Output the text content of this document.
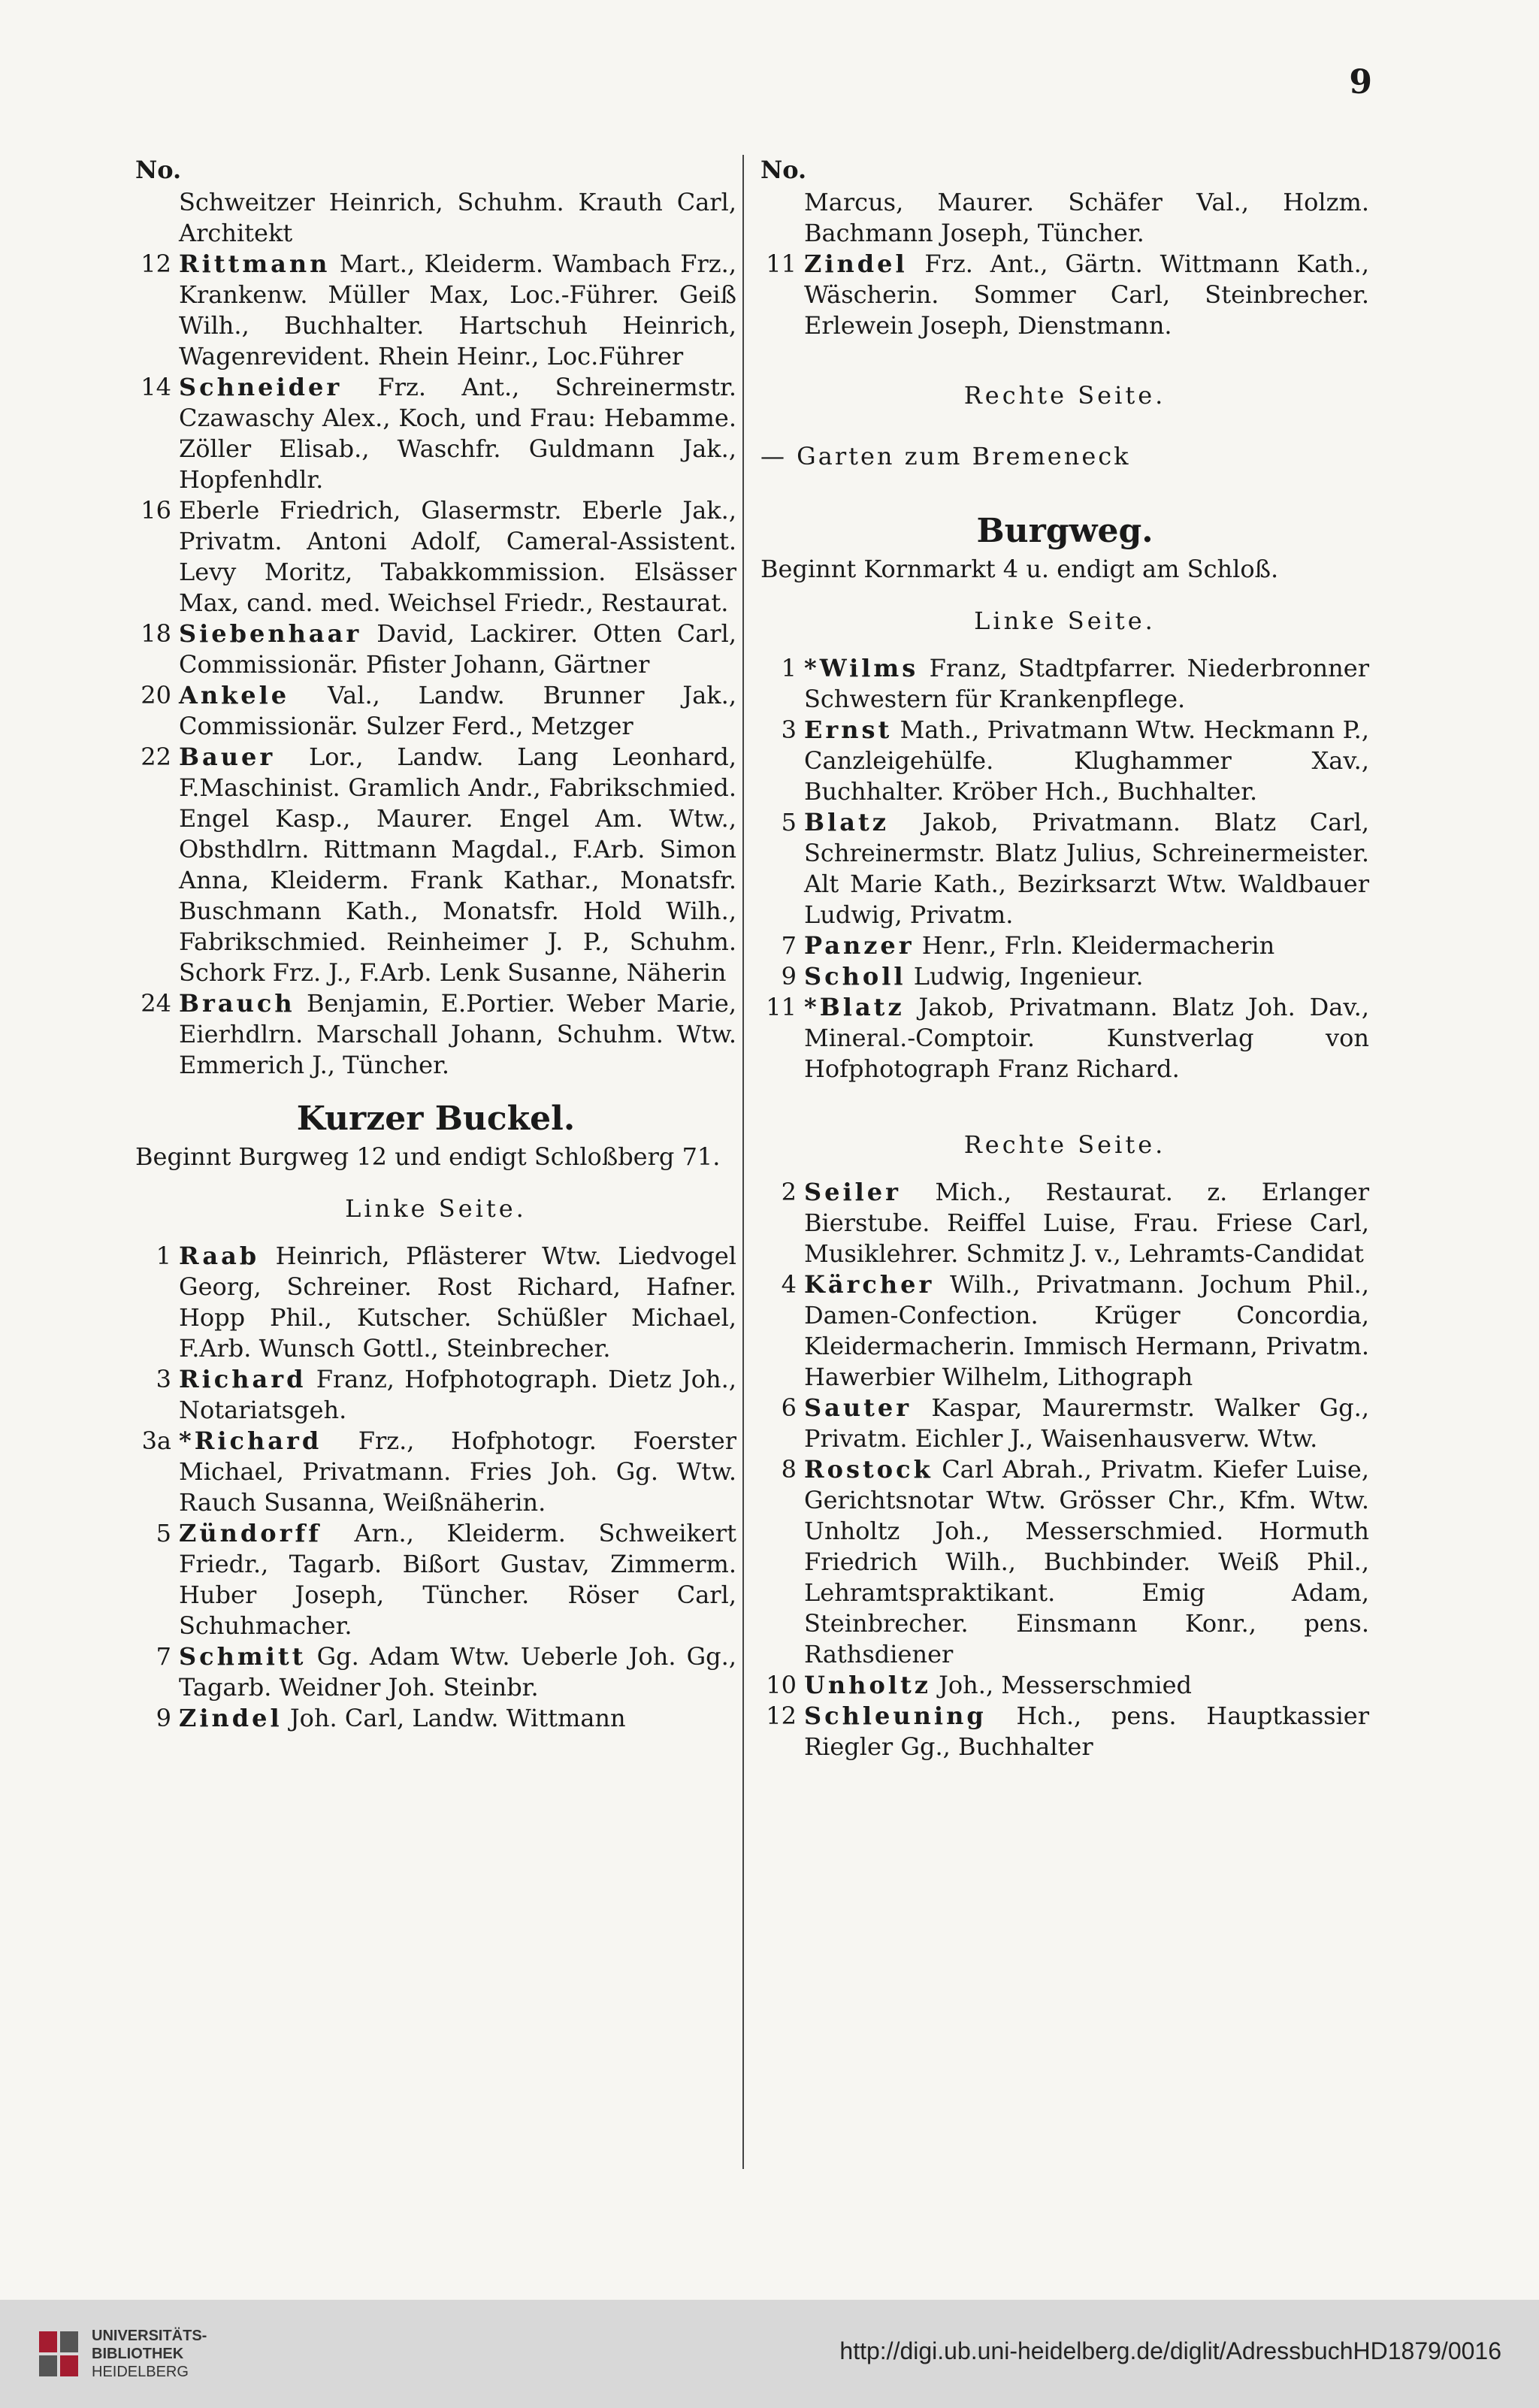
9
No.
Schweitzer Heinrich, Schuhm. Krauth Carl, Architekt
12 Rittmann Mart., Kleiderm. Wambach Frz., Krankenw. Müller Max, Loc.-Führer. Geiß Wilh., Buchhalter. Hartschuh Heinrich, Wagenrevident. Rhein Heinr., Loc.Führer
14 Schneider Frz. Ant., Schreinermstr. Czawaschy Alex., Koch, und Frau: Hebamme. Zöller Elisab., Waschfr. Guldmann Jak., Hopfenhdlr.
16 Eberle Friedrich, Glasermstr. Eberle Jak., Privatm. Antoni Adolf, Cameral-Assistent. Levy Moritz, Tabakkommission. Elsässer Max, cand. med. Weichsel Friedr., Restaurat.
18 Siebenhaar David, Lackirer. Otten Carl, Commissionär. Pfister Johann, Gärtner
20 Ankele Val., Landw. Brunner Jak., Commissionär. Sulzer Ferd., Metzger
22 Bauer Lor., Landw. Lang Leonhard, F.Maschinist. Gramlich Andr., Fabrikschmied. Engel Kasp., Maurer. Engel Am. Wtw., Obsthdlrn. Rittmann Magdal., F.Arb. Simon Anna, Kleiderm. Frank Kathar., Monatsfr. Buschmann Kath., Monatsfr. Hold Wilh., Fabrikschmied. Reinheimer J. P., Schuhm. Schork Frz. J., F.Arb. Lenk Susanne, Näherin
24 Brauch Benjamin, E.Portier. Weber Marie, Eierhdlrn. Marschall Johann, Schuhm. Wtw. Emmerich J., Tüncher.
Kurzer Buckel.
Beginnt Burgweg 12 und endigt Schloßberg 71.
Linke Seite.
1 Raab Heinrich, Pflästerer Wtw. Liedvogel Georg, Schreiner. Rost Richard, Hafner. Hopp Phil., Kutscher. Schüßler Michael, F.Arb. Wunsch Gottl., Steinbrecher.
3 Richard Franz, Hofphotograph. Dietz Joh., Notariatsgeh.
3a *Richard Frz., Hofphotogr. Foerster Michael, Privatmann. Fries Joh. Gg. Wtw. Rauch Susanna, Weißnäherin.
5 Zündorff Arn., Kleiderm. Schweikert Friedr., Tagarb. Bißort Gustav, Zimmerm. Huber Joseph, Tüncher. Röser Carl, Schuhmacher.
7 Schmitt Gg. Adam Wtw. Ueberle Joh. Gg., Tagarb. Weidner Joh. Steinbr.
9 Zindel Joh. Carl, Landw. Wittmann
No.
Marcus, Maurer. Schäfer Val., Holzm. Bachmann Joseph, Tüncher.
11 Zindel Frz. Ant., Gärtn. Wittmann Kath., Wäscherin. Sommer Carl, Steinbrecher. Erlewein Joseph, Dienstmann.
Rechte Seite.
— Garten zum Bremeneck
Burgweg.
Beginnt Kornmarkt 4 u. endigt am Schloß.
Linke Seite.
1 *Wilms Franz, Stadtpfarrer. Niederbronner Schwestern für Krankenpflege.
3 Ernst Math., Privatmann Wtw. Heckmann P., Canzleigehülfe. Klughammer Xav., Buchhalter. Kröber Hch., Buchhalter.
5 Blatz Jakob, Privatmann. Blatz Carl, Schreinermstr. Blatz Julius, Schreinermeister. Alt Marie Kath., Bezirksarzt Wtw. Waldbauer Ludwig, Privatm.
7 Panzer Henr., Frln. Kleidermacherin
9 Scholl Ludwig, Ingenieur.
11 *Blatz Jakob, Privatmann. Blatz Joh. Dav., Mineral.-Comptoir. Kunstverlag von Hofphotograph Franz Richard.
Rechte Seite.
2 Seiler Mich., Restaurat. z. Erlanger Bierstube. Reiffel Luise, Frau. Friese Carl, Musiklehrer. Schmitz J. v., Lehramts-Candidat
4 Kärcher Wilh., Privatmann. Jochum Phil., Damen-Confection. Krüger Concordia, Kleidermacherin. Immisch Hermann, Privatm. Hawerbier Wilhelm, Lithograph
6 Sauter Kaspar, Maurermstr. Walker Gg., Privatm. Eichler J., Waisenhausverw. Wtw.
8 Rostock Carl Abrah., Privatm. Kiefer Luise, Gerichtsnotar Wtw. Grösser Chr., Kfm. Wtw. Unholtz Joh., Messerschmied. Hormuth Friedrich Wilh., Buchbinder. Weiß Phil., Lehramtspraktikant. Emig Adam, Steinbrecher. Einsmann Konr., pens. Rathsdiener
10 Unholtz Joh., Messerschmied
12 Schleuning Hch., pens. Hauptkassier Riegler Gg., Buchhalter
UNIVERSITÄTS-
BIBLIOTHEK
HEIDELBERG
http://digi.ub.uni-heidelberg.de/diglit/AdressbuchHD1879/0016
